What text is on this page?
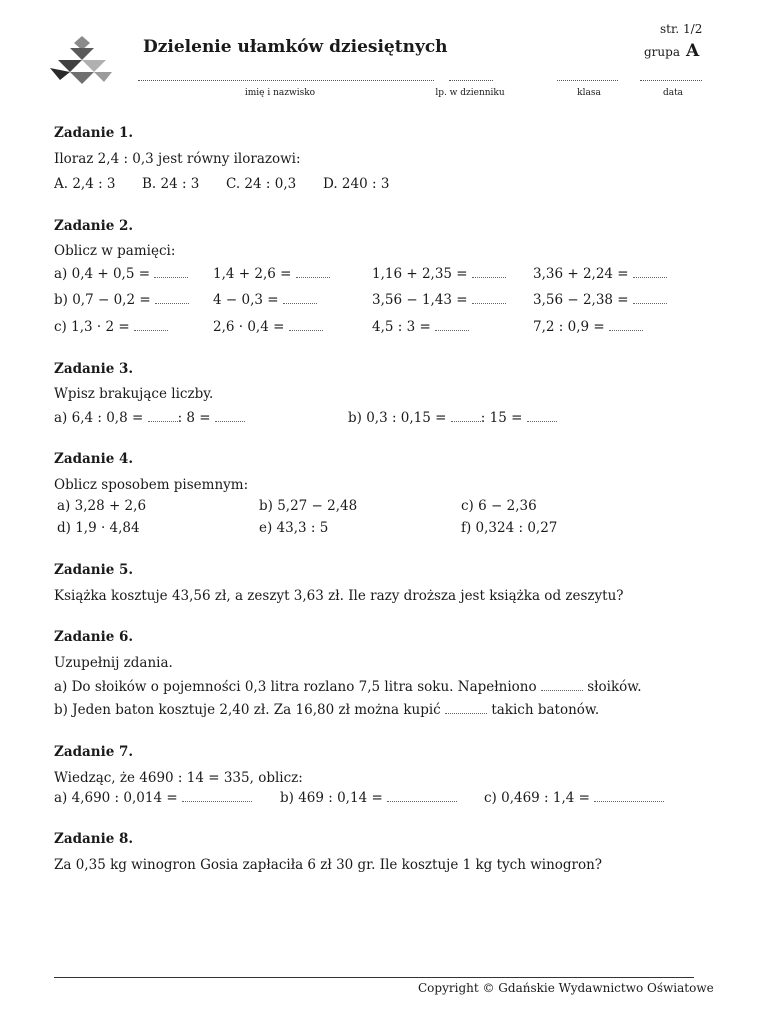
Dzielenie ułamków dziesiętnych
str. 1/2
grupa A
imię i nazwisko	lp. w dzienniku	klasa	data
Zadanie 1.
Iloraz 2,4 : 0,3 jest równy ilorazowi:
A. 2,4 : 3 B. 24 : 3 C. 24 : 0,3 D. 240 : 3
Zadanie 2.
Oblicz w pamięci:
a) 0,4 + 0,5 =	1,4 + 2,6 =	1,16 + 2,35 =	3,36 + 2,24 =
b) 0,7 − 0,2 =	4 − 0,3 =	3,56 − 1,43 =	3,56 − 2,38 =
c) 1,3 · 2 =	2,6 · 0,4 =	4,5 : 3 =	7,2 : 0,9 =
Zadanie 3.
Wpisz brakujące liczby.
a) 6,4 : 0,8 =	: 8 =	b) 0,3 : 0,15 =	: 15 =
Zadanie 4.
Oblicz sposobem pisemnym:
a) 3,28 + 2,6	b) 5,27 − 2,48	c) 6 − 2,36
d) 1,9 · 4,84	e) 43,3 : 5	f) 0,324 : 0,27
Zadanie 5.
Książka kosztuje 43,56 zł, a zeszyt 3,63 zł. Ile razy droższa jest książka od zeszytu?
Zadanie 6.
Uzupełnij zdania.
a) Do słoików o pojemności 0,3 litra rozlano 7,5 litra soku. Napełniono	słoików.
b) Jeden baton kosztuje 2,40 zł. Za 16,80 zł można kupić	takich batonów.
Zadanie 7.
Wiedząc, że 4690 : 14 = 335, oblicz:
a) 4,690 : 0,014 =	b) 469 : 0,14 =	c) 0,469 : 1,4 =
Zadanie 8.
Za 0,35 kg winogron Gosia zapłaciła 6 zł 30 gr. Ile kosztuje 1 kg tych winogron?
Copyright © Gdańskie Wydawnictwo Oświatowe
